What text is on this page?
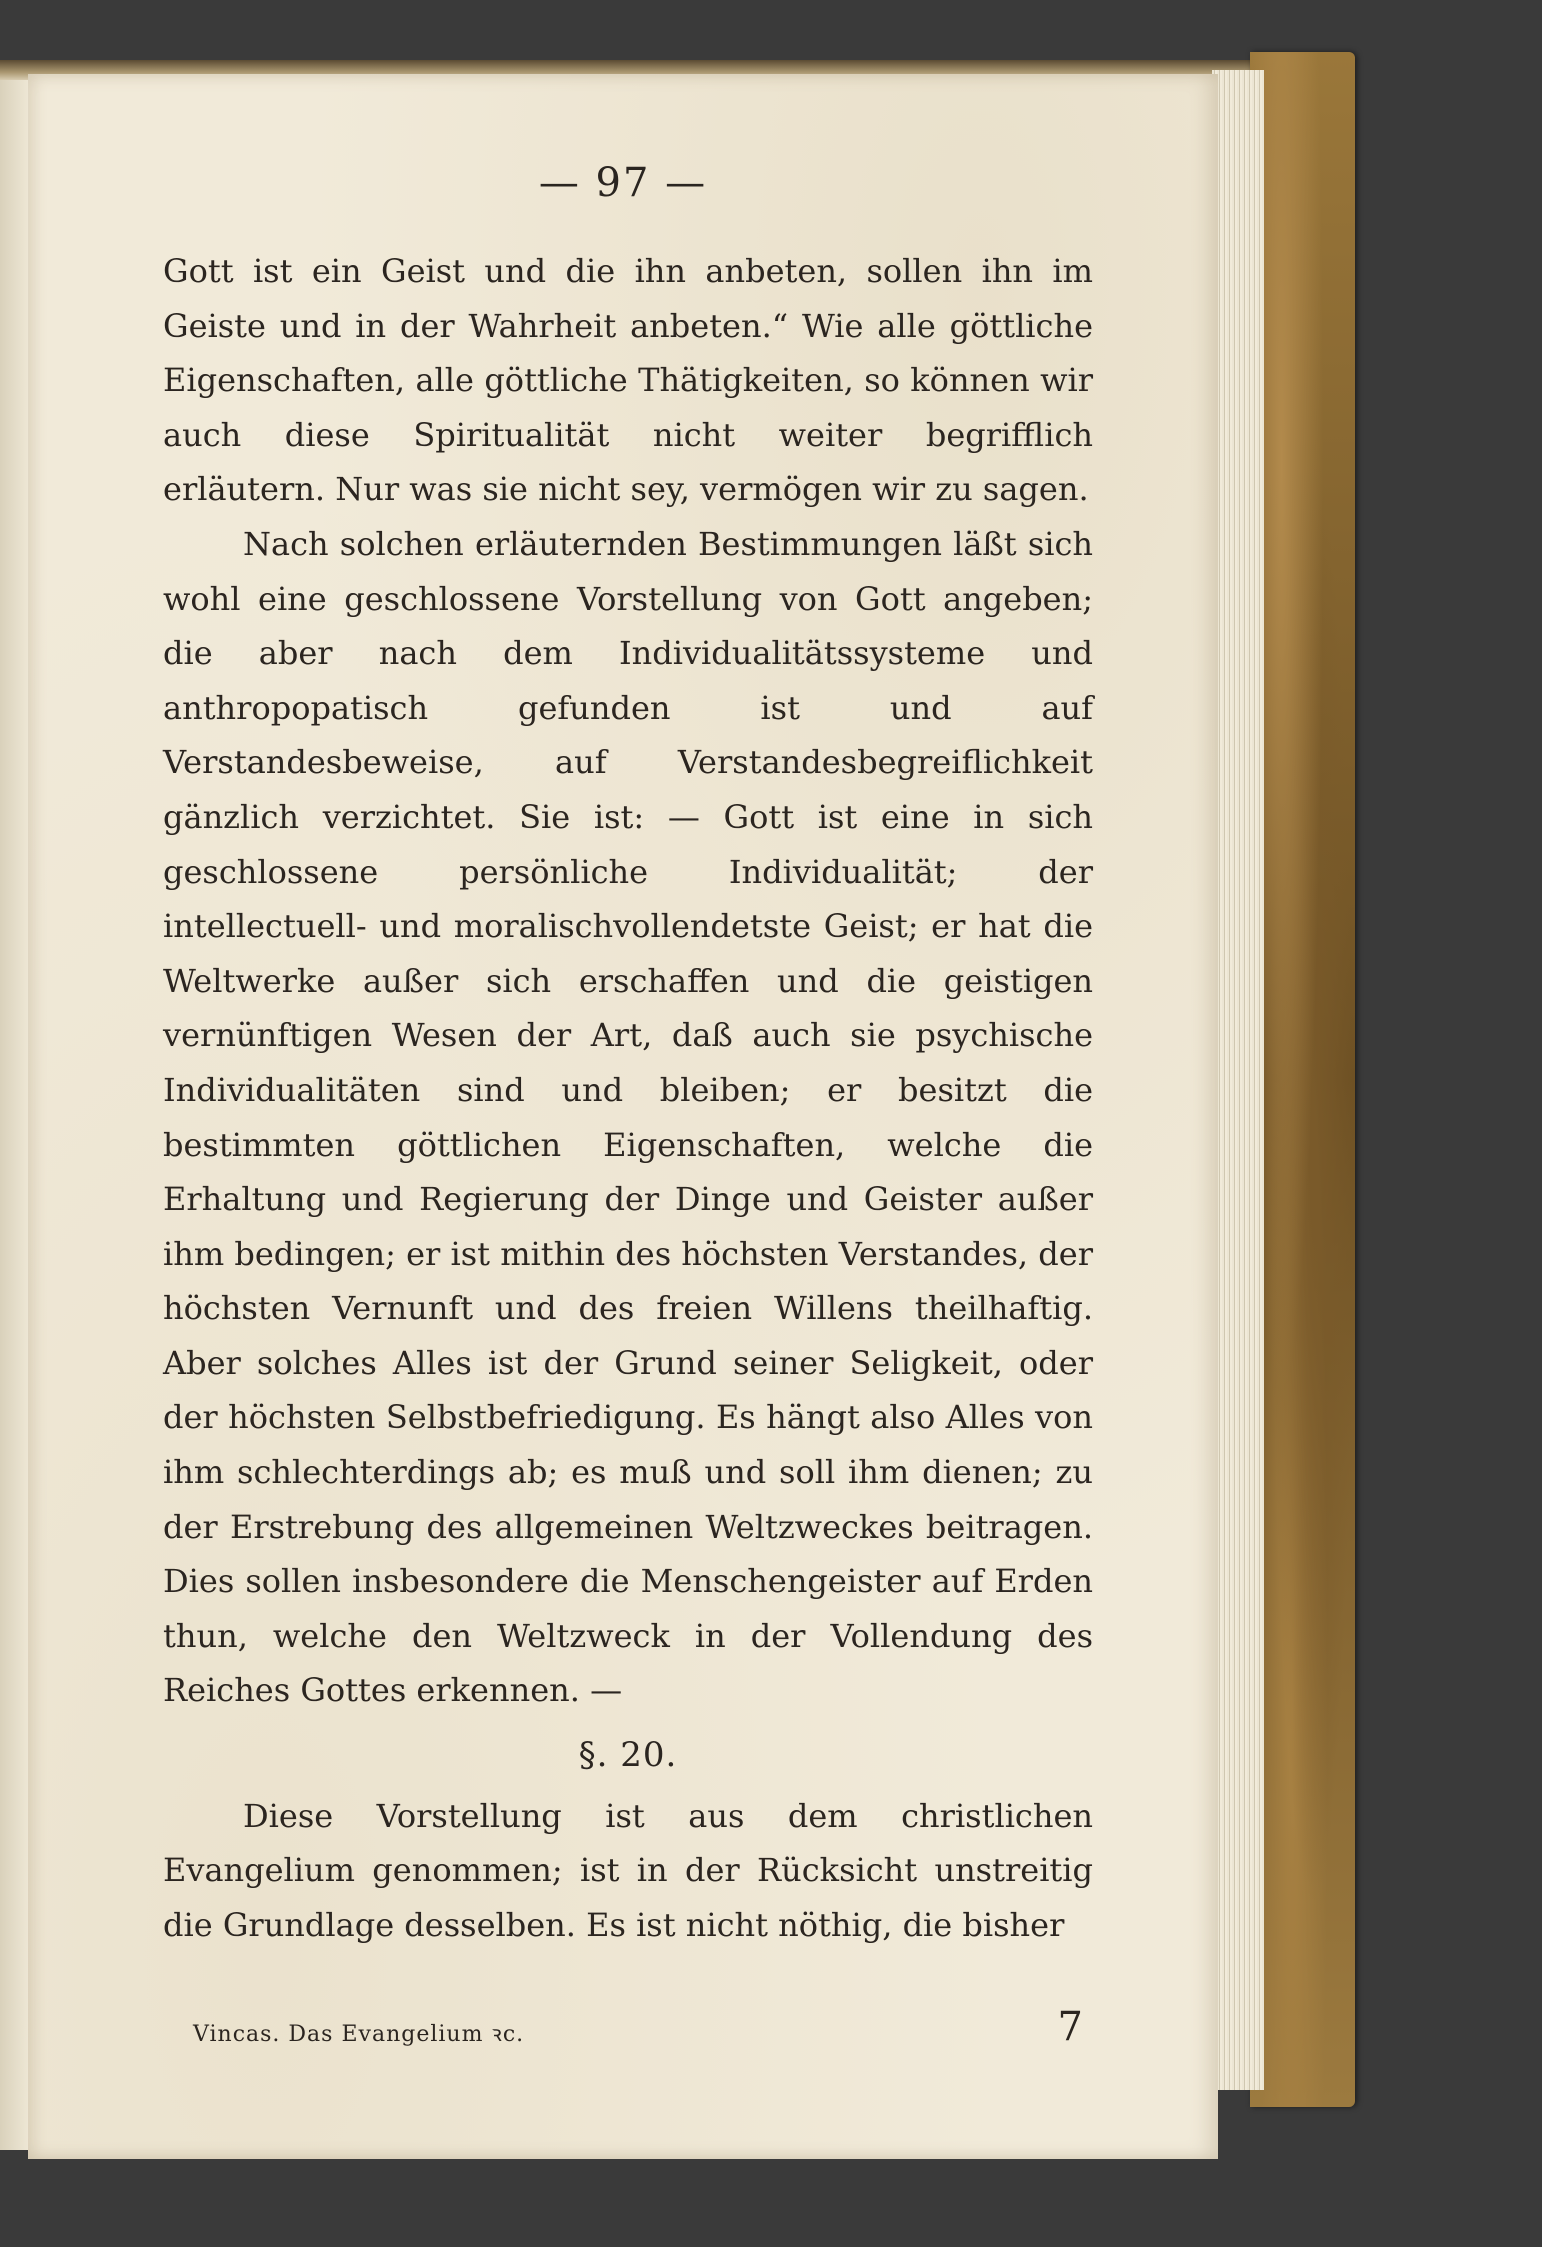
— 97 —

Gott ist ein Geist und die ihn anbeten, sollen ihn im Geiste und in der Wahrheit anbeten.“ Wie alle göttliche Eigenschaften, alle göttliche Thätigkeiten, so können wir auch diese Spiritualität nicht weiter begrifflich erläutern. Nur was sie nicht sey, vermögen wir zu sagen.

Nach solchen erläuternden Bestimmungen läßt sich wohl eine geschlossene Vorstellung von Gott angeben; die aber nach dem Individualitätssysteme und anthropopatisch gefunden ist und auf Verstandesbeweise, auf Verstandesbegreiflichkeit gänzlich verzichtet. Sie ist: — Gott ist eine in sich geschlossene persönliche Individualität; der intellectuell- und moralischvollendetste Geist; er hat die Weltwerke außer sich erschaffen und die geistigen vernünftigen Wesen der Art, daß auch sie psychische Individualitäten sind und bleiben; er besitzt die bestimmten göttlichen Eigenschaften, welche die Erhaltung und Regierung der Dinge und Geister außer ihm bedingen; er ist mithin des höchsten Verstandes, der höchsten Vernunft und des freien Willens theilhaftig. Aber solches Alles ist der Grund seiner Seligkeit, oder der höchsten Selbstbefriedigung. Es hängt also Alles von ihm schlechterdings ab; es muß und soll ihm dienen; zu der Erstrebung des allgemeinen Weltzweckes beitragen. Dies sollen insbesondere die Menschengeister auf Erden thun, welche den Weltzweck in der Vollendung des Reiches Gottes erkennen. —

§. 20.

Diese Vorstellung ist aus dem christlichen Evangelium genommen; ist in der Rücksicht unstreitig die Grundlage desselben. Es ist nicht nöthig, die bisher

Vincas. Das Evangelium ꝛc.	7
